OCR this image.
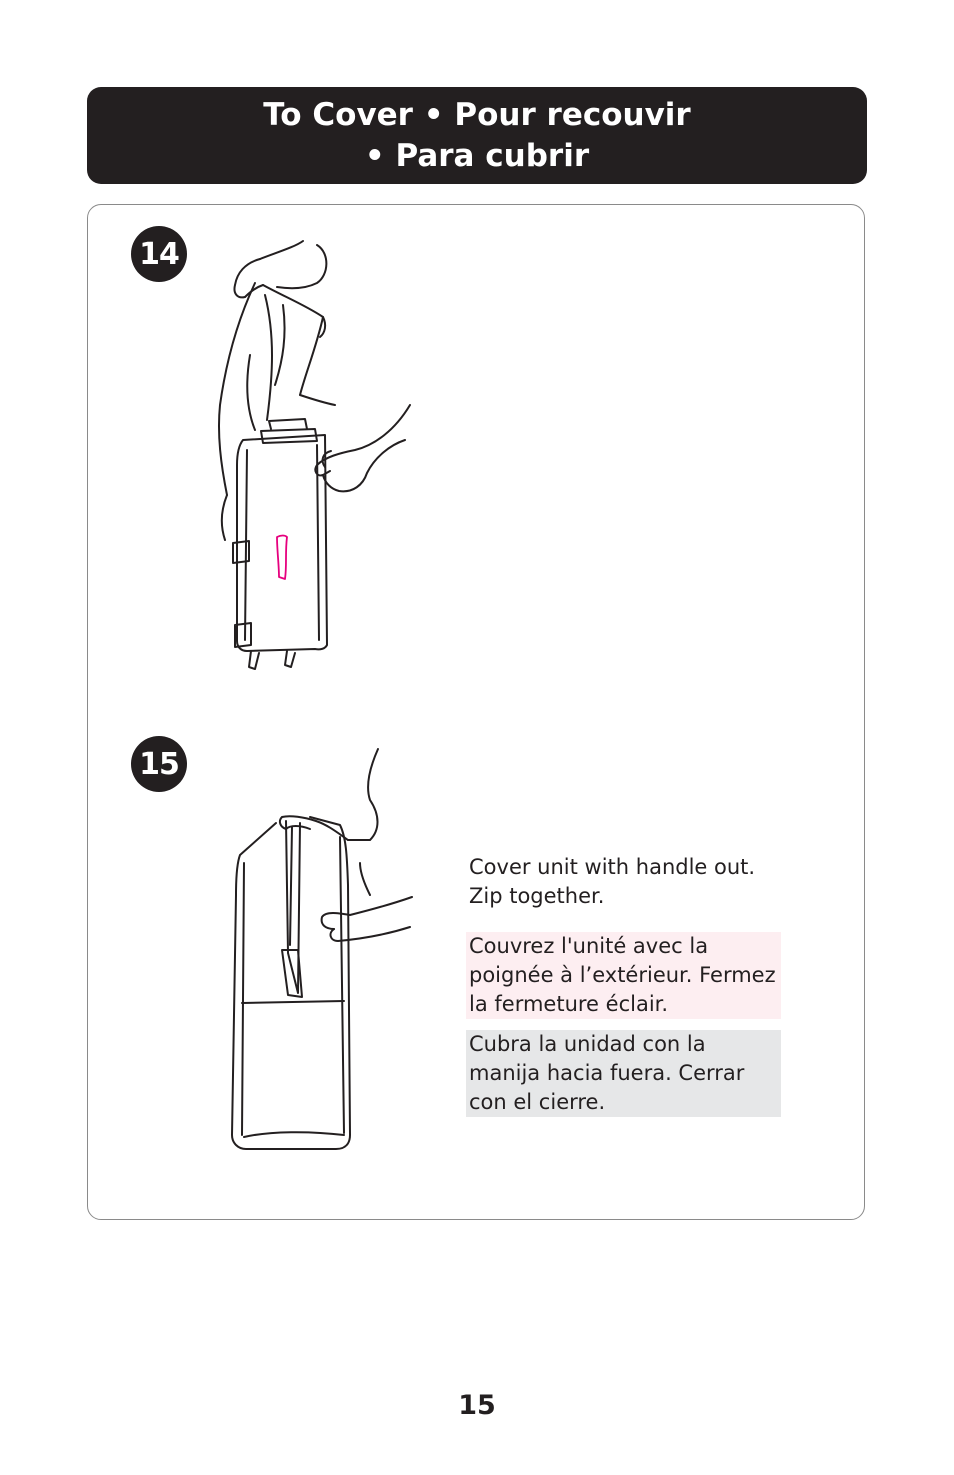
To Cover • Pour recouvir
• Para cubrir
14
15
Cover unit with handle out. Zip together.
Couvrez l'unité avec la poignée à l’extérieur. Fermez la fermeture éclair.
Cubra la unidad con la manija hacia fuera. Cerrar con el cierre.
15
